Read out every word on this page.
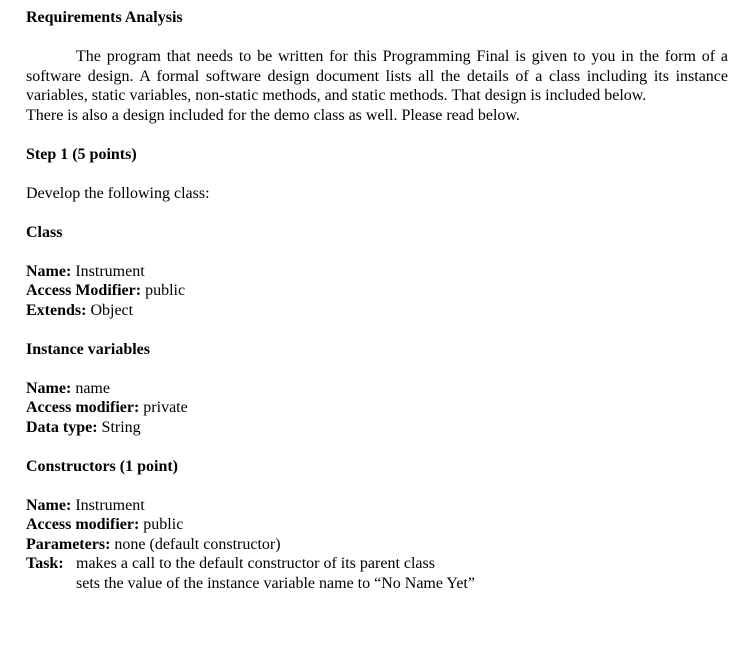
Requirements Analysis
The program that needs to be written for this Programming Final is given to you in the form of a software design. A formal software design document lists all the details of a class including its instance variables, static variables, non-static methods, and static methods. That design is included below.
There is also a design included for the demo class as well. Please read below.
Step 1 (5 points)
Develop the following class:
Class
Name: Instrument
Access Modifier: public
Extends: Object
Instance variables
Name: name
Access modifier: private
Data type: String
Constructors (1 point)
Name: Instrument
Access modifier: public
Parameters: none (default constructor)
Task: makes a call to the default constructor of its parent class
sets the value of the instance variable name to “No Name Yet”
